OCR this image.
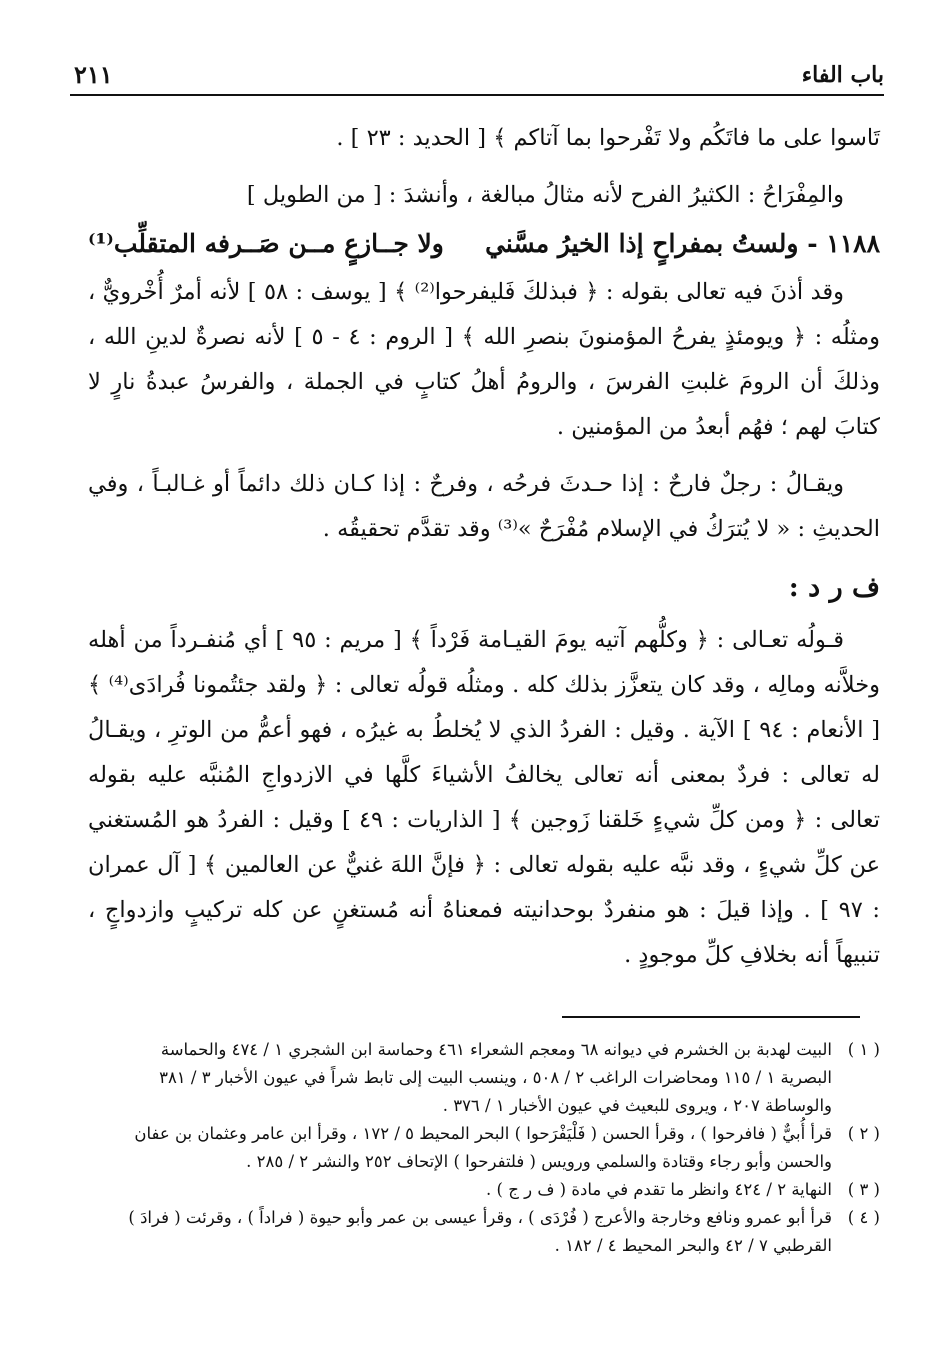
باب الفاء
٢١١

تَاسوا على ما فاتَكُم ولا تَفْرحوا بما آتاكم ﴾ [ الحديد : ٢٣ ] .

والمِفْرَاحُ : الكثيرُ الفرح لأنه مثالُ مبالغة ، وأنشدَ : [ من الطويل ]

١١٨٨ - ولستُ بمفراحٍ إذا الخيرُ مسَّني
ولا جــازعٍ مــن صَــرفه المتقلِّب⁽¹⁾

وقد أذنَ فيه تعالى بقوله : ﴿ فبذلكَ فَليفرحوا⁽²⁾ ﴾ [ يوسف : ٥٨ ] لأنه أمرٌ أُخْرويٌّ ، ومثلُه : ﴿ ويومئذٍ يفرحُ المؤمنونَ بنصرِ الله ﴾ [ الروم : ٤ - ٥ ] لأنه نصرةٌ لدينِ الله ، وذلكَ أن الرومَ غلبتِ الفرسَ ، والرومُ أهلُ كتابٍ في الجملة ، والفرسُ عبدةُ نارٍ لا كتابَ لهم ؛ فهُم أبعدُ من المؤمنين .

ويقـالُ : رجلٌ فارحٌ : إذا حـدثَ فرحُه ، وفرحٌ : إذا كـان ذلك دائماً أو غـالبـاً ، وفي الحديثِ : « لا يُترَكُ في الإسلام مُفْرَحٌ »⁽³⁾ وقد تقدَّم تحقيقُه .

ف ر د :

قـولُه تعـالى : ﴿ وكلُّهم آتيه يومَ القيـامة فَرْداً ﴾ [ مريم : ٩٥ ] أي مُنفـرداً من أهله وخلاَّنه ومالِه ، وقد كان يتعزَّز بذلك كله . ومثلُه قولُه تعالى : ﴿ ولقد جئتُمونا فُرادَى⁽⁴⁾ ﴾ [ الأنعام : ٩٤ ] الآية . وقيل : الفردُ الذي لا يُخلطُ به غيرُه ، فهو أعمُّ من الوترِ ، ويقـالُ له تعالى : فردٌ بمعنى أنه تعالى يخالفُ الأشياءَ كلَّها في الازدواجِ المُنبَّه عليه بقوله تعالى : ﴿ ومن كلِّ شيءٍ خَلقنا زَوجين ﴾ [ الذاريات : ٤٩ ] وقيل : الفردُ هو المُستغني عن كلِّ شيءٍ ، وقد نبَّه عليه بقوله تعالى : ﴿ فإنَّ اللهَ غنيٌّ عن العالمين ﴾ [ آل عمران : ٩٧ ] . وإذا قيلَ : هو منفردٌ بوحدانيته فمعناهُ أنه مُستغنٍ عن كله تركيبٍ وازدواجٍ ، تنبيهاً أنه بخلافِ كلِّ موجودٍ .

( ١ )
البيت لهدبة بن الخشرم في ديوانه ٦٨ ومعجم الشعراء ٤٦١ وحماسة ابن الشجري ١ / ٤٧٤ والحماسة
البصرية ١ / ١١٥ ومحاضرات الراغب ٢ / ٥٠٨ ، وينسب البيت إلى تابط شراً في عيون الأخبار ٣ / ٣٨١
والوساطة ٢٠٧ ، ويروى للبعيث في عيون الأخبار ١ / ٣٧٦ .
( ٢ )
قرأ أُبيٌّ ( فافرحوا ) ، وقرأ الحسن ( فَلْيَفْرَحوا ) البحر المحيط ٥ / ١٧٢ ، وقرأ ابن عامر وعثمان بن عفان
والحسن وأبو رجاء وقتادة والسلمي ورويس ( فلتفرحوا ) الإتحاف ٢٥٢ والنشر ٢ / ٢٨٥ .
( ٣ )
النهاية ٢ / ٤٢٤ وانظر ما تقدم في مادة ( ف ر ج ) .
( ٤ )
قرأ أبو عمرو ونافع وخارجة والأعرج ( فُرْدَى ) ، وقرأ عيسى بن عمر وأبو حيوة ( فراداً ) ، وقرئت ( فرادَ )
القرطبي ٧ / ٤٢ والبحر المحيط ٤ / ١٨٢ .
